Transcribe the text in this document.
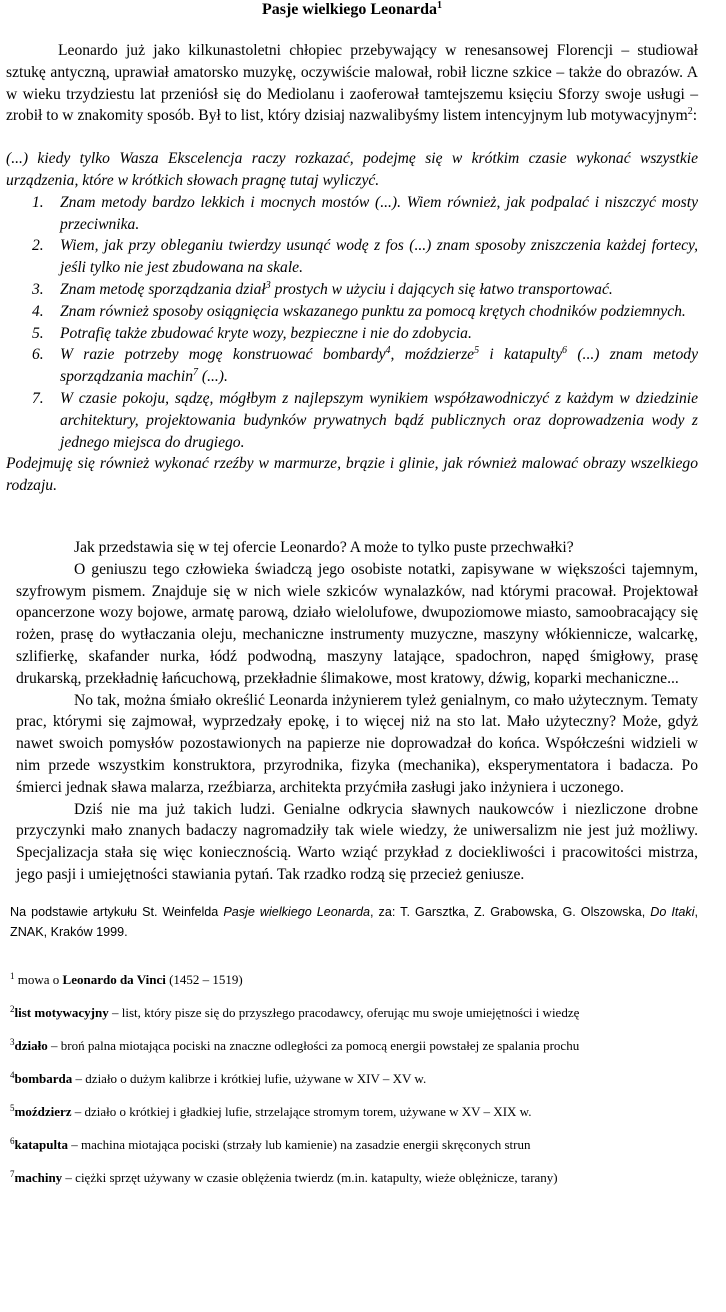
Pasje wielkiego Leonarda$^1$

Leonardo już jako kilkunastoletni chłopiec przebywający w renesansowej Florencji – studiował sztukę antyczną, uprawiał amatorsko muzykę, oczywiście malował, robił liczne szkice – także do obrazów. A w wieku trzydziestu lat przeniósł się do Mediolanu i zaoferował tamtejszemu księciu Sforzy swoje usługi – zrobił to w znakomity sposób. Był to list, który dzisiaj nazwalibyśmy listem intencyjnym lub motywacyjnym$^2$:

(...) kiedy tylko Wasza Ekscelencja raczy rozkazać, podejmę się w krótkim czasie wykonać wszystkie urządzenia, które w krótkich słowach pragnę tutaj wyliczyć.

1. Znam metody bardzo lekkich i mocnych mostów (...). Wiem również, jak podpalać i niszczyć mosty przeciwnika.
2. Wiem, jak przy obleganiu twierdzy usunąć wodę z fos (...) znam sposoby zniszczenia każdej fortecy, jeśli tylko nie jest zbudowana na skale.
3. Znam metodę sporządzania dział$^3$ prostych w użyciu i dających się łatwo transportować.
4. Znam również sposoby osiągnięcia wskazanego punktu za pomocą krętych chodników podziemnych.
5. Potrafię także zbudować kryte wozy, bezpieczne i nie do zdobycia.
6. W razie potrzeby mogę konstruować bombardy$^4$, moździerze$^5$ i katapulty$^6$ (...) znam metody sporządzania machin$^7$ (...).
7. W czasie pokoju, sądzę, mógłbym z najlepszym wynikiem współzawodniczyć z każdym w dziedzinie architektury, projektowania budynków prywatnych bądź publicznych oraz doprowadzenia wody z jednego miejsca do drugiego.

Podejmuję się również wykonać rzeźby w marmurze, brązie i glinie, jak również malować obrazy wszelkiego rodzaju.

Jak przedstawia się w tej ofercie Leonardo? A może to tylko puste przechwałki?

O geniuszu tego człowieka świadczą jego osobiste notatki, zapisywane w większości tajemnym, szyfrowym pismem. Znajduje się w nich wiele szkiców wynalazków, nad którymi pracował. Projektował opancerzone wozy bojowe, armatę parową, działo wielolufowe, dwupoziomowe miasto, samoobracający się rożen, prasę do wytłaczania oleju, mechaniczne instrumenty muzyczne, maszyny włókiennicze, walcarkę, szlifierkę, skafander nurka, łódź podwodną, maszyny latające, spadochron, napęd śmigłowy, prasę drukarską, przekładnię łańcuchową, przekładnie ślimakowe, most kratowy, dźwig, koparki mechaniczne...

No tak, można śmiało określić Leonarda inżynierem tyleż genialnym, co mało użytecznym. Tematy prac, którymi się zajmował, wyprzedzały epokę, i to więcej niż na sto lat. Mało użyteczny? Może, gdyż nawet swoich pomysłów pozostawionych na papierze nie doprowadzał do końca. Współcześni widzieli w nim przede wszystkim konstruktora, przyrodnika, fizyka (mechanika), eksperymentatora i badacza. Po śmierci jednak sława malarza, rzeźbiarza, architekta przyćmiła zasługi jako inżyniera i uczonego.

Dziś nie ma już takich ludzi. Genialne odkrycia sławnych naukowców i niezliczone drobne przyczynki mało znanych badaczy nagromadziły tak wiele wiedzy, że uniwersalizm nie jest już możliwy. Specjalizacja stała się więc koniecznością. Warto wziąć przykład z dociekliwości i pracowitości mistrza, jego pasji i umiejętności stawiania pytań. Tak rzadko rodzą się przecież geniusze.

Na podstawie artykułu St. Weinfelda Pasje wielkiego Leonarda, za: T. Garsztka, Z. Grabowska, G. Olszowska, Do Itaki, ZNAK, Kraków 1999.

$^1$ mowa o Leonardo da Vinci (1452 – 1519)
$^2$list motywacyjny – list, który pisze się do przyszłego pracodawcy, oferując mu swoje umiejętności i wiedzę
$^3$działo – broń palna miotająca pociski na znaczne odległości za pomocą energii powstałej ze spalania prochu
$^4$bombarda – działo o dużym kalibrze i krótkiej lufie, używane w XIV – XV w.
$^5$moździerz – działo o krótkiej i gładkiej lufie, strzelające stromym torem, używane w XV – XIX w.
$^6$katapulta – machina miotająca pociski (strzały lub kamienie) na zasadzie energii skręconych strun
$^7$machiny – ciężki sprzęt używany w czasie oblężenia twierdz (m.in. katapulty, wieże oblężnicze, tarany)
